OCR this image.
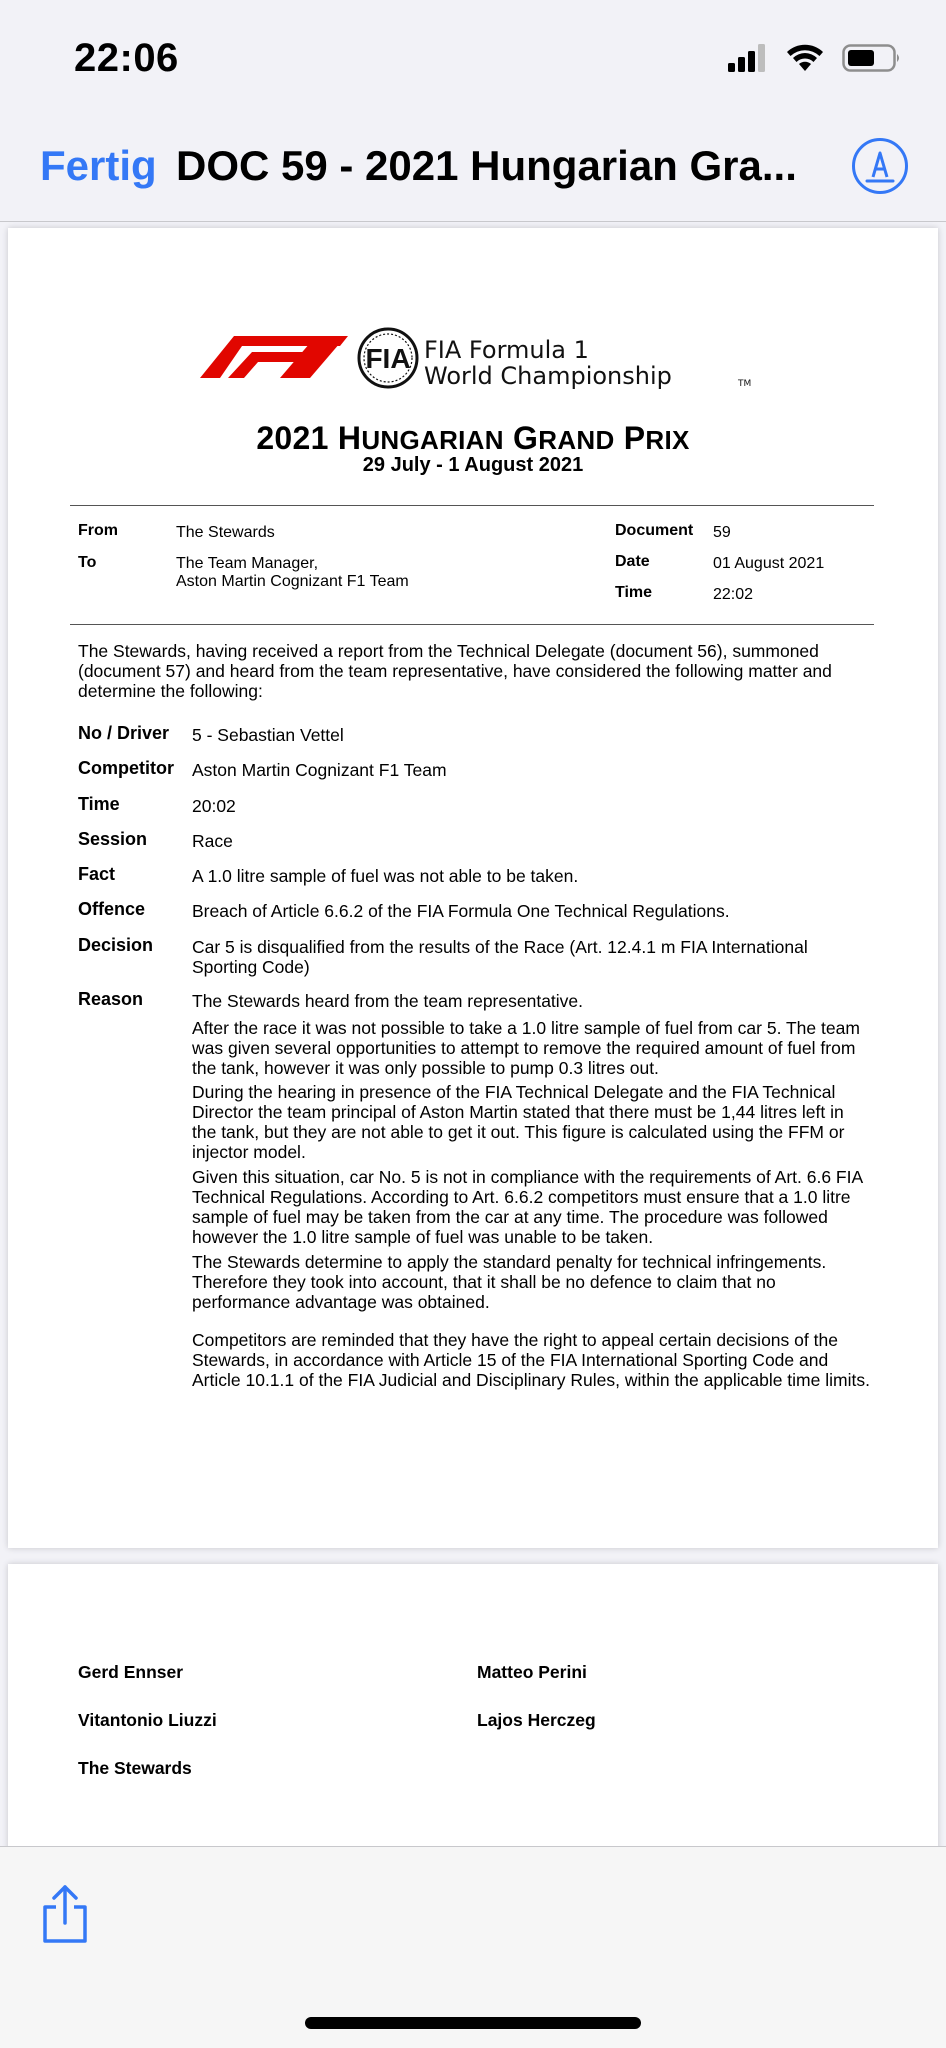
22:06
Fertig DOC 59 - 2021 Hungarian Gra...
FIA FIA Formula 1
World Championship	TM
2021 HUNGARIAN GRAND PRIX
29 July - 1 August 2021
From	The Stewards
To	The Team Manager,
Aston Martin Cognizant F1 Team
Document 59
Date	01 August 2021
Time	22:02
The Stewards, having received a report from the Technical Delegate (document 56), summoned (document 57) and heard from the team representative, have considered the following matter and determine the following:
No / Driver 5 - Sebastian Vettel
Competitor Aston Martin Cognizant F1 Team
Time	20:02
Session	Race
Fact	A 1.0 litre sample of fuel was not able to be taken.
Offence	Breach of Article 6.6.2 of the FIA Formula One Technical Regulations.
Decision Car 5 is disqualified from the results of the Race (Art. 12.4.1 m FIA International Sporting Code)
Reason	The Stewards heard from the team representative.
After the race it was not possible to take a 1.0 litre sample of fuel from car 5. The team was given several opportunities to attempt to remove the required amount of fuel from the tank, however it was only possible to pump 0.3 litres out.
During the hearing in presence of the FIA Technical Delegate and the FIA Technical Director the team principal of Aston Martin stated that there must be 1,44 litres left in the tank, but they are not able to get it out. This figure is calculated using the FFM or injector model.
Given this situation, car No. 5 is not in compliance with the requirements of Art. 6.6 FIA Technical Regulations. According to Art. 6.6.2 competitors must ensure that a 1.0 litre sample of fuel may be taken from the car at any time. The procedure was followed however the 1.0 litre sample of fuel was unable to be taken.
The Stewards determine to apply the standard penalty for technical infringements. Therefore they took into account, that it shall be no defence to claim that no performance advantage was obtained.
Competitors are reminded that they have the right to appeal certain decisions of the Stewards, in accordance with Article 15 of the FIA International Sporting Code and Article 10.1.1 of the FIA Judicial and Disciplinary Rules, within the applicable time limits.
Gerd Ennser	Matteo Perini
Vitantonio Liuzzi	Lajos Herczeg
The Stewards
